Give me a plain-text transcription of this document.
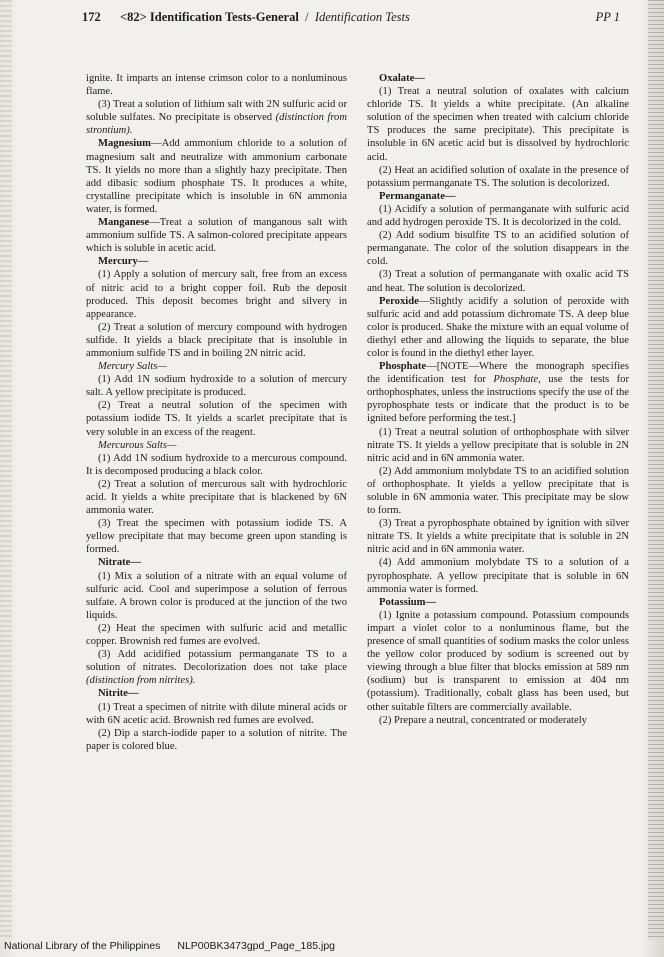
172 <82> Identification Tests-General / Identification Tests	PP 1

ignite. It imparts an intense crimson color to a nonluminous flame.

(3) Treat a solution of lithium salt with 2N sulfuric acid or soluble sulfates. No precipitate is observed (distinction from strontium).

Magnesium—Add ammonium chloride to a solution of magnesium salt and neutralize with ammonium carbonate TS. It yields no more than a slightly hazy precipitate. Then add dibasic sodium phosphate TS. It produces a white, crystalline precipitate which is insoluble in 6N ammonia water, is formed.

Manganese—Treat a solution of manganous salt with ammonium sulfide TS. A salmon-colored precipitate appears which is soluble in acetic acid.

Mercury—

(1) Apply a solution of mercury salt, free from an excess of nitric acid to a bright copper foil. Rub the deposit produced. This deposit becomes bright and silvery in appearance.

(2) Treat a solution of mercury compound with hydrogen sulfide. It yields a black precipitate that is insoluble in ammonium sulfide TS and in boiling 2N nitric acid.

Mercury Salts—

(1) Add 1N sodium hydroxide to a solution of mercury salt. A yellow precipitate is produced.

(2) Treat a neutral solution of the specimen with potassium iodide TS. It yields a scarlet precipitate that is very soluble in an excess of the reagent.

Mercurous Salts—

(1) Add 1N sodium hydroxide to a mercurous compound. It is decomposed producing a black color.

(2) Treat a solution of mercurous salt with hydrochloric acid. It yields a white precipitate that is blackened by 6N ammonia water.

(3) Treat the specimen with potassium iodide TS. A yellow precipitate that may become green upon standing is formed.

Nitrate—

(1) Mix a solution of a nitrate with an equal volume of sulfuric acid. Cool and superimpose a solution of ferrous sulfate. A brown color is produced at the junction of the two liquids.

(2) Heat the specimen with sulfuric acid and metallic copper. Brownish red fumes are evolved.

(3) Add acidified potassium permanganate TS to a solution of nitrates. Decolorization does not take place (distinction from nitrites).

Nitrite—

(1) Treat a specimen of nitrite with dilute mineral acids or with 6N acetic acid. Brownish red fumes are evolved.

(2) Dip a starch-iodide paper to a solution of nitrite. The paper is colored blue.

Oxalate—

(1) Treat a neutral solution of oxalates with calcium chloride TS. It yields a white precipitate. (An alkaline solution of the specimen when treated with calcium chloride TS produces the same precipitate). This precipitate is insoluble in 6N acetic acid but is dissolved by hydrochloric acid.

(2) Heat an acidified solution of oxalate in the presence of potassium permanganate TS. The solution is decolorized.

Permanganate—

(1) Acidify a solution of permanganate with sulfuric acid and add hydrogen peroxide TS. It is decolorized in the cold.

(2) Add sodium bisulfite TS to an acidified solution of permanganate. The color of the solution disappears in the cold.

(3) Treat a solution of permanganate with oxalic acid TS and heat. The solution is decolorized.

Peroxide—Slightly acidify a solution of peroxide with sulfuric acid and add potassium dichromate TS. A deep blue color is produced. Shake the mixture with an equal volume of diethyl ether and allowing the liquids to separate, the blue color is found in the diethyl ether layer.

Phosphate—[NOTE—Where the monograph specifies the identification test for Phosphate, use the tests for orthophosphates, unless the instructions specify the use of the pyrophosphate tests or indicate that the product is to be ignited before performing the test.]

(1) Treat a neutral solution of orthophosphate with silver nitrate TS. It yields a yellow precipitate that is soluble in 2N nitric acid and in 6N ammonia water.

(2) Add ammonium molybdate TS to an acidified solution of orthophosphate. It yields a yellow precipitate that is soluble in 6N ammonia water. This precipitate may be slow to form.

(3) Treat a pyrophosphate obtained by ignition with silver nitrate TS. It yields a white precipitate that is soluble in 2N nitric acid and in 6N ammonia water.

(4) Add ammonium molybdate TS to a solution of a pyrophosphate. A yellow precipitate that is soluble in 6N ammonia water is formed.

Potassium—

(1) Ignite a potassium compound. Potassium compounds impart a violet color to a nonluminous flame, but the presence of small quantities of sodium masks the color unless the yellow color produced by sodium is screened out by viewing through a blue filter that blocks emission at 589 nm (sodium) but is transparent to emission at 404 nm (potassium). Traditionally, cobalt glass has been used, but other suitable filters are commercially available.

(2) Prepare a neutral, concentrated or moderately

National Library of the Philippines NLP00BK3473gpd_Page_185.jpg
